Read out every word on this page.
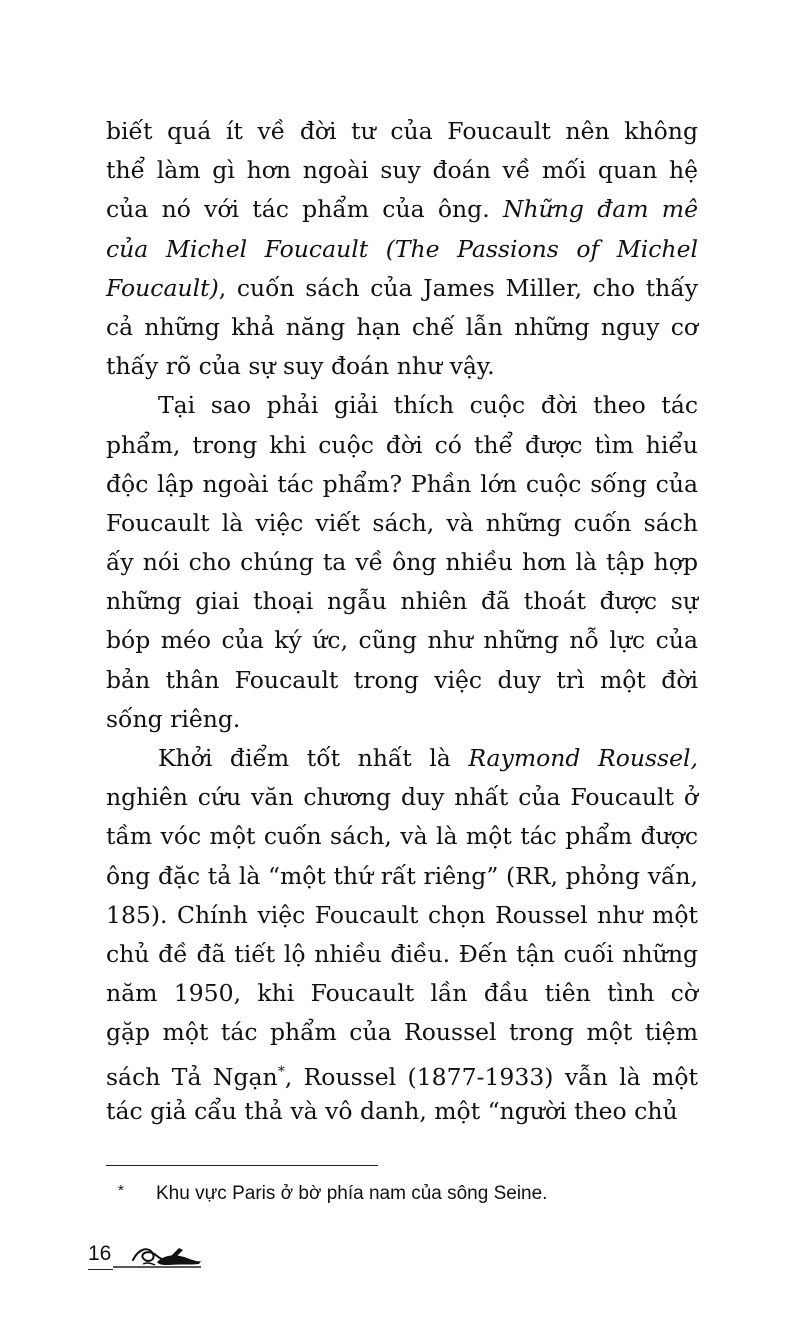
biết quá ít về đời tư của Foucault nên không
thể làm gì hơn ngoài suy đoán về mối quan hệ
của nó với tác phẩm của ông. Những đam mê
của Michel Foucault (The Passions of Michel
Foucault), cuốn sách của James Miller, cho thấy
cả những khả năng hạn chế lẫn những nguy cơ
thấy rõ của sự suy đoán như vậy.
Tại sao phải giải thích cuộc đời theo tác
phẩm, trong khi cuộc đời có thể được tìm hiểu
độc lập ngoài tác phẩm? Phần lớn cuộc sống của
Foucault là việc viết sách, và những cuốn sách
ấy nói cho chúng ta về ông nhiều hơn là tập hợp
những giai thoại ngẫu nhiên đã thoát được sự
bóp méo của ký ức, cũng như những nỗ lực của
bản thân Foucault trong việc duy trì một đời
sống riêng.
Khởi điểm tốt nhất là Raymond Roussel,
nghiên cứu văn chương duy nhất của Foucault ở
tầm vóc một cuốn sách, và là một tác phẩm được
ông đặc tả là “một thứ rất riêng” (RR, phỏng vấn,
185). Chính việc Foucault chọn Roussel như một
chủ đề đã tiết lộ nhiều điều. Đến tận cuối những
năm 1950, khi Foucault lần đầu tiên tình cờ
gặp một tác phẩm của Roussel trong một tiệm
sách Tả Ngạn*, Roussel (1877-1933) vẫn là một
tác giả cẩu thả và vô danh, một “người theo chủ
* Khu vực Paris ở bờ phía nam của sông Seine.
16
